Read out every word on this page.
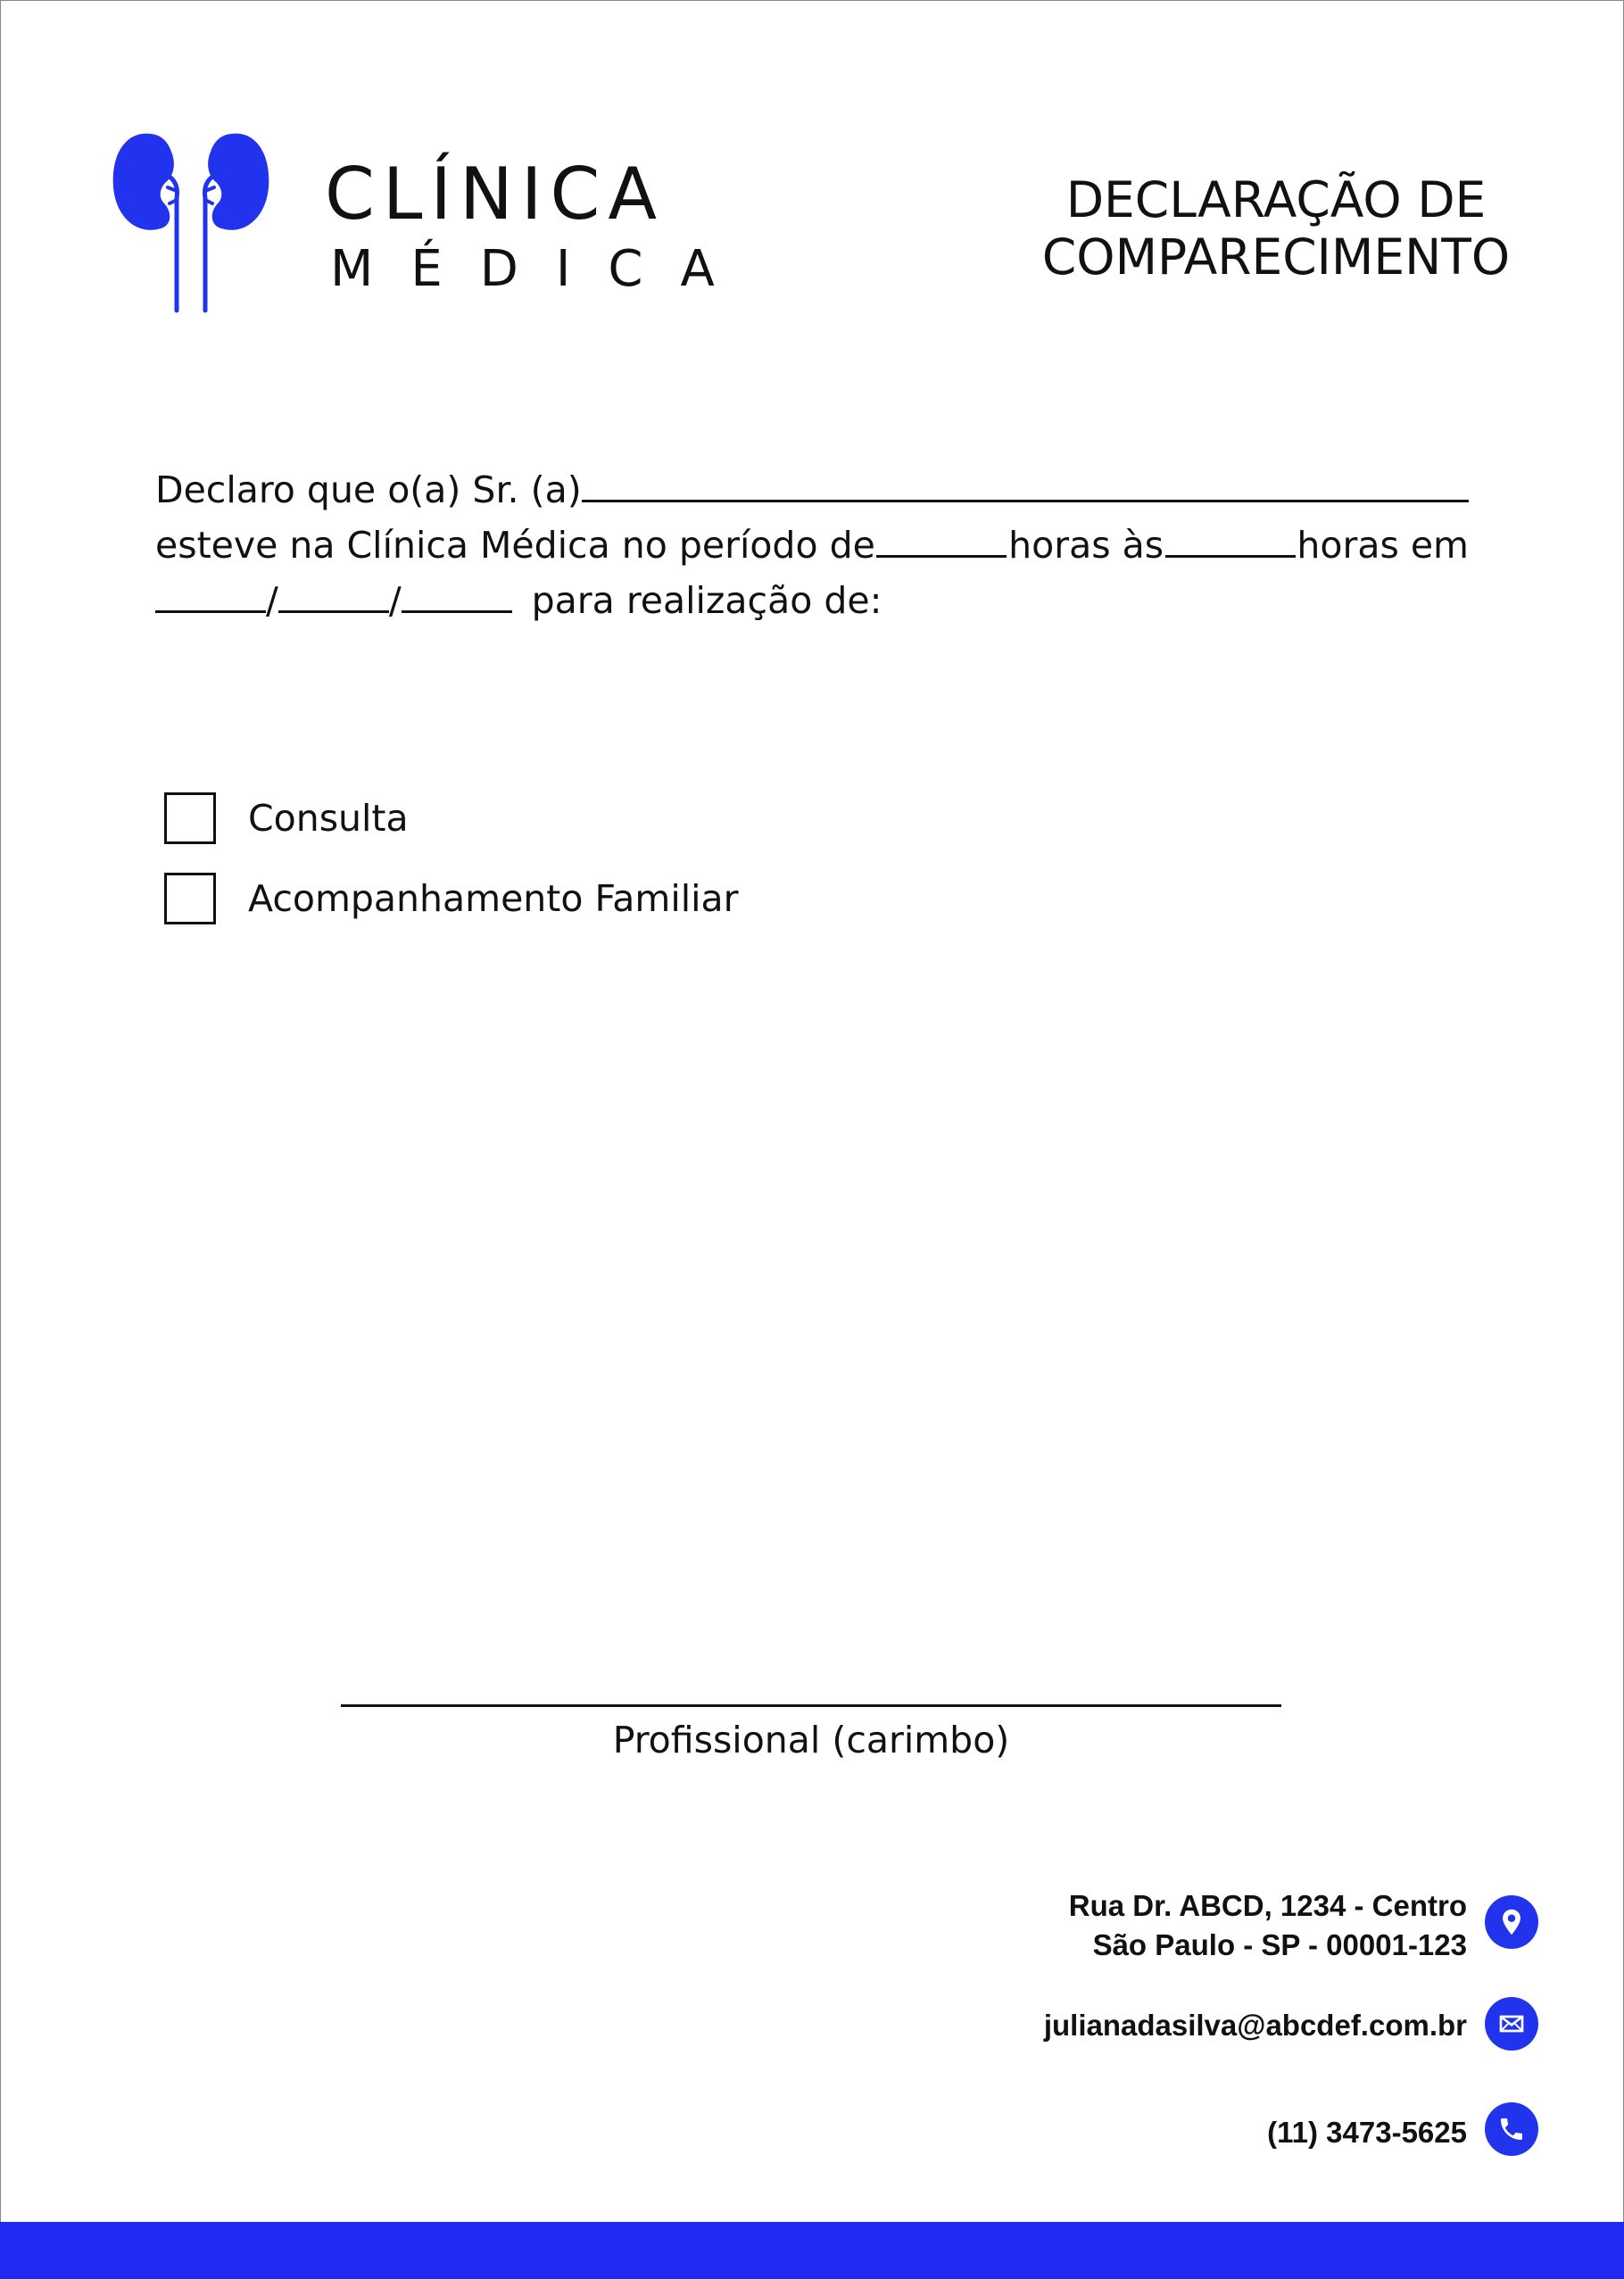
CLÍNICA
MÉDICA
DECLARAÇÃO DE
COMPARECIMENTO
Declaro que o(a) Sr. (a)
esteve na Clínica Médica no período de	horas às	horas em
/	/	para realização de:
Consulta
Acompanhamento Familiar
Profissional (carimbo)
Rua Dr. ABCD, 1234 - Centro
São Paulo - SP - 00001-123
julianadasilva@abcdef.com.br
(11) 3473-5625
